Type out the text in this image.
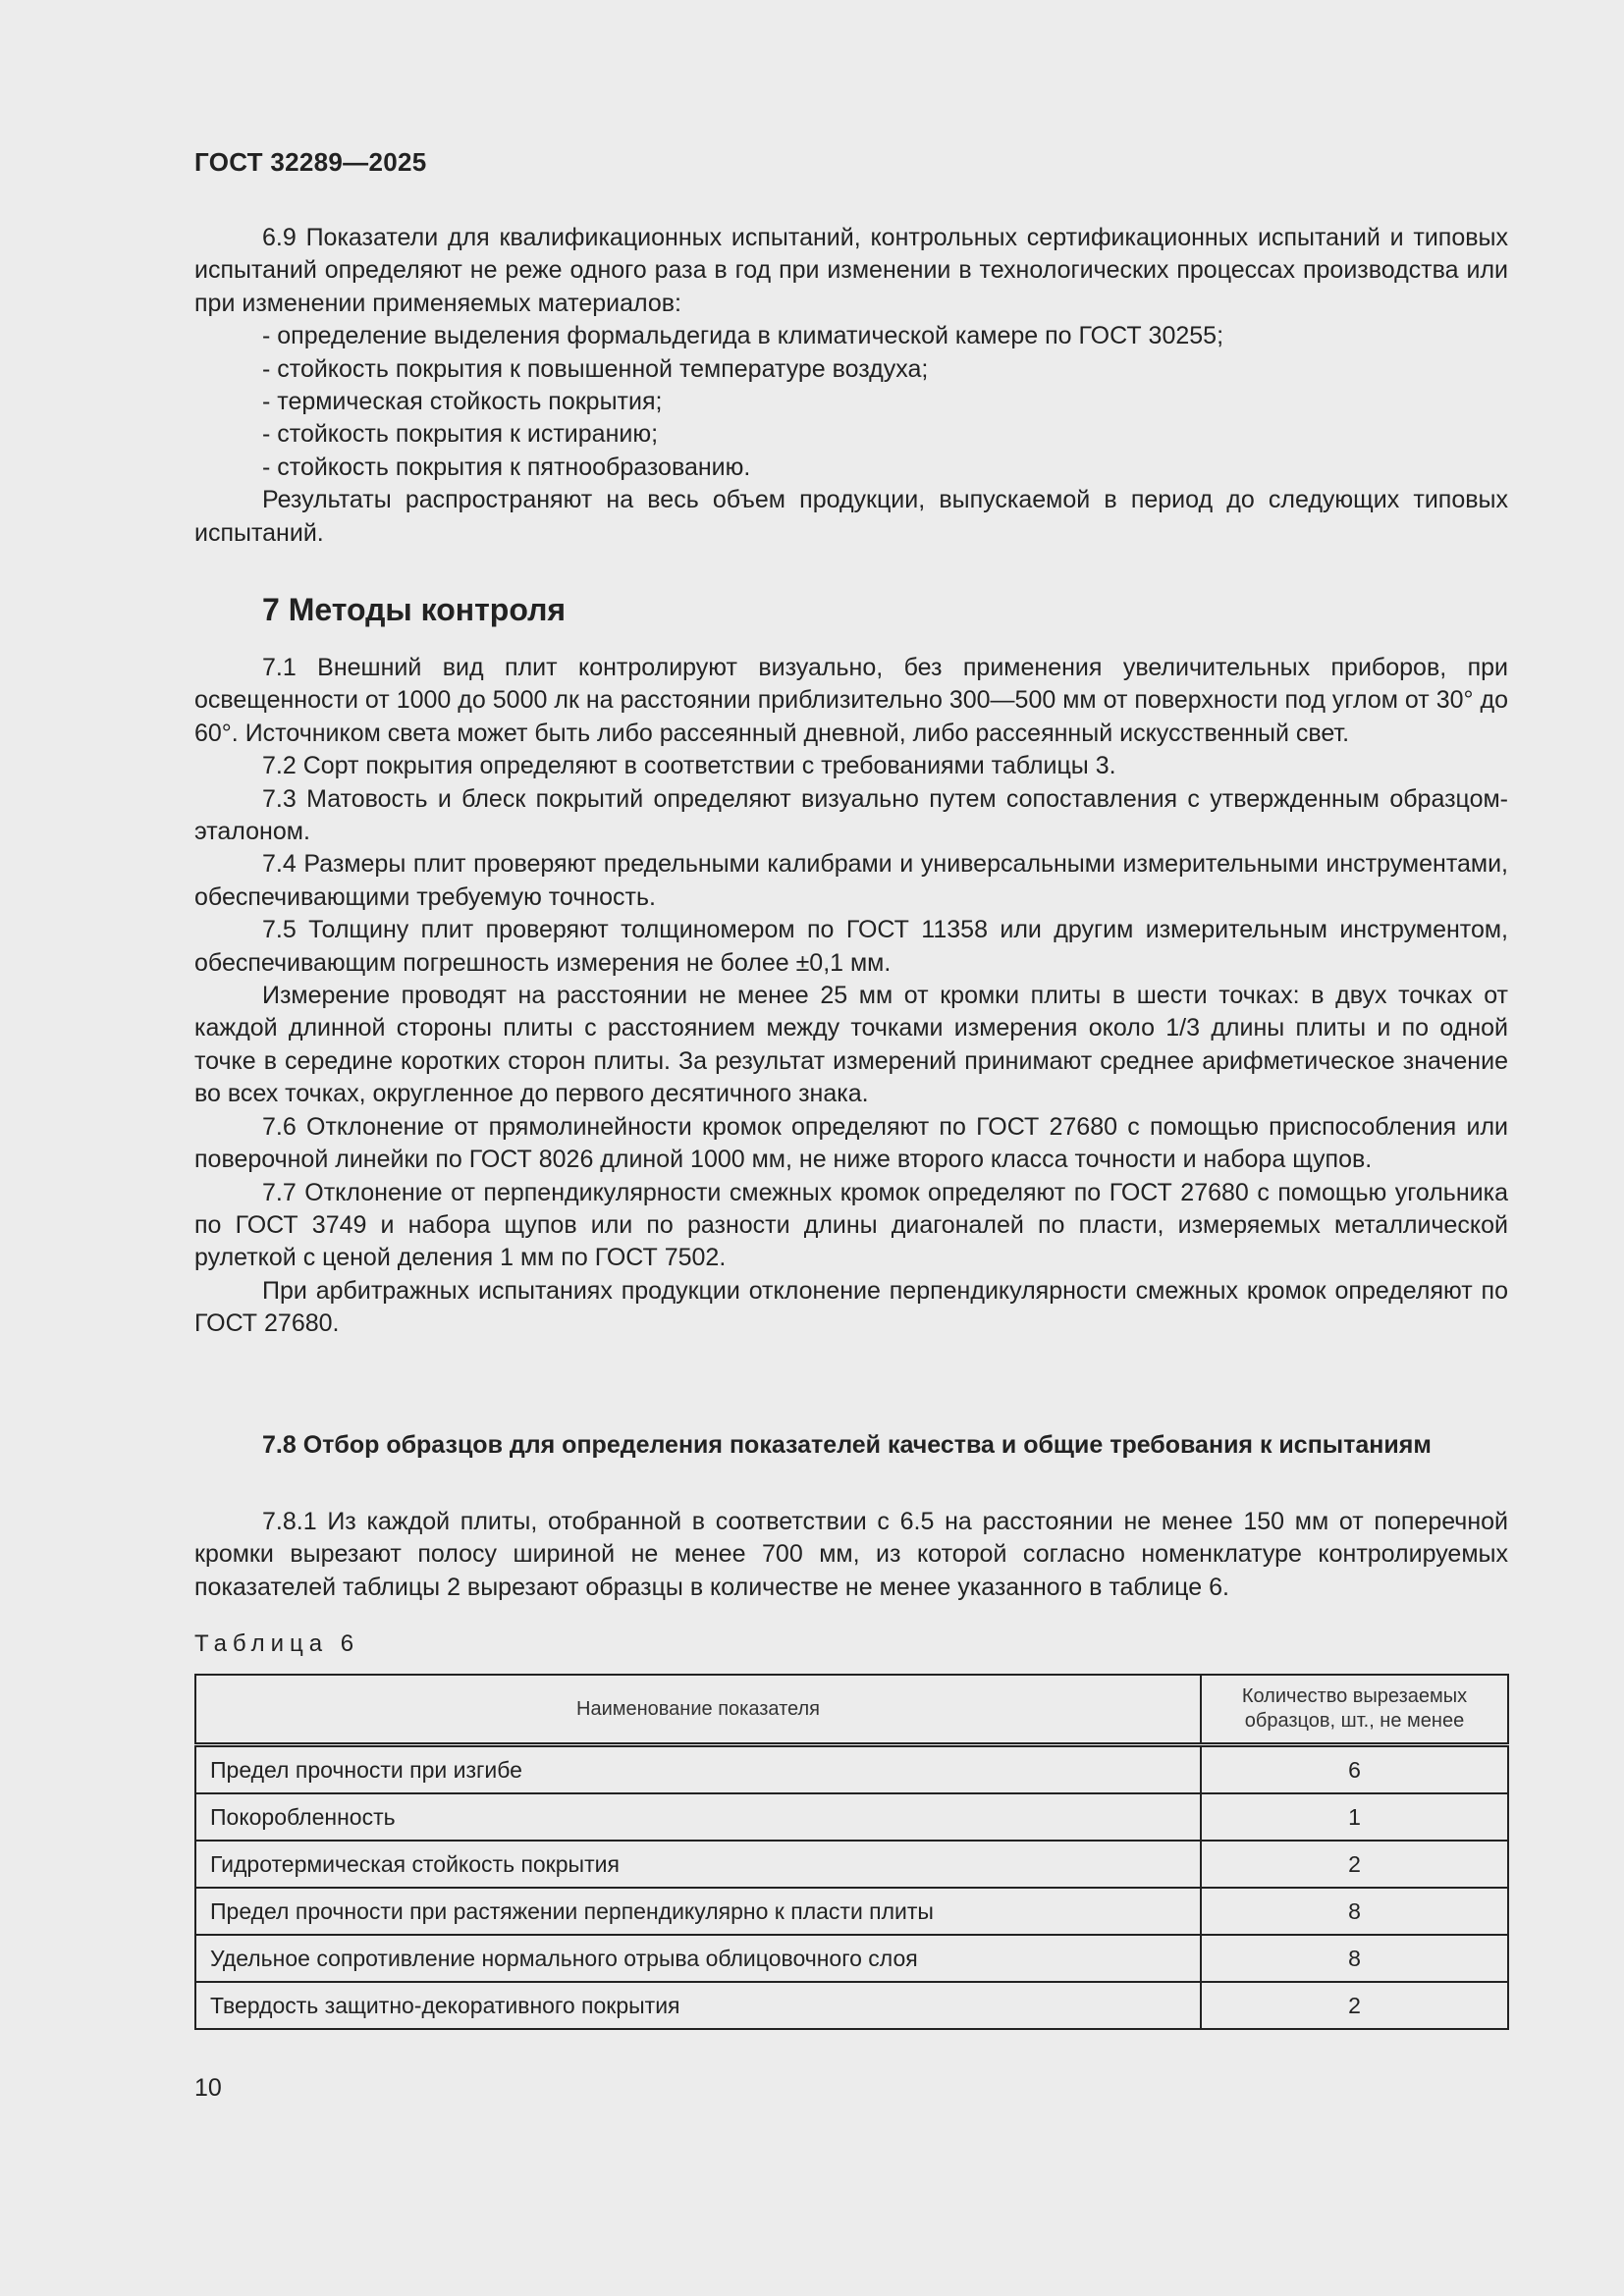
ГОСТ 32289—2025

6.9 Показатели для квалификационных испытаний, контрольных сертификационных испытаний и типовых испытаний определяют не реже одного раза в год при изменении в технологических процессах производства или при изменении применяемых материалов:

- определение выделения формальдегида в климатической камере по ГОСТ 30255;

- стойкость покрытия к повышенной температуре воздуха;

- термическая стойкость покрытия;

- стойкость покрытия к истиранию;

- стойкость покрытия к пятнообразованию.

Результаты распространяют на весь объем продукции, выпускаемой в период до следующих типовых испытаний.

7 Методы контроля

7.1 Внешний вид плит контролируют визуально, без применения увеличительных приборов, при освещенности от 1000 до 5000 лк на расстоянии приблизительно 300—500 мм от поверхности под углом от 30° до 60°. Источником света может быть либо рассеянный дневной, либо рассеянный искусственный свет.

7.2 Сорт покрытия определяют в соответствии с требованиями таблицы 3.

7.3 Матовость и блеск покрытий определяют визуально путем сопоставления с утвержденным образцом-эталоном.

7.4 Размеры плит проверяют предельными калибрами и универсальными измерительными инструментами, обеспечивающими требуемую точность.

7.5 Толщину плит проверяют толщиномером по ГОСТ 11358 или другим измерительным инструментом, обеспечивающим погрешность измерения не более ±0,1 мм.

Измерение проводят на расстоянии не менее 25 мм от кромки плиты в шести точках: в двух точках от каждой длинной стороны плиты с расстоянием между точками измерения около 1/3 длины плиты и по одной точке в середине коротких сторон плиты. За результат измерений принимают среднее арифметическое значение во всех точках, округленное до первого десятичного знака.

7.6 Отклонение от прямолинейности кромок определяют по ГОСТ 27680 с помощью приспособления или поверочной линейки по ГОСТ 8026 длиной 1000 мм, не ниже второго класса точности и набора щупов.

7.7 Отклонение от перпендикулярности смежных кромок определяют по ГОСТ 27680 с помощью угольника по ГОСТ 3749 и набора щупов или по разности длины диагоналей по пласти, измеряемых металлической рулеткой с ценой деления 1 мм по ГОСТ 7502.

При арбитражных испытаниях продукции отклонение перпендикулярности смежных кромок определяют по ГОСТ 27680.

7.8 Отбор образцов для определения показателей качества и общие требования к испытаниям

7.8.1 Из каждой плиты, отобранной в соответствии с 6.5 на расстоянии не менее 150 мм от поперечной кромки вырезают полосу шириной не менее 700 мм, из которой согласно номенклатуре контролируемых показателей таблицы 2 вырезают образцы в количестве не менее указанного в таблице 6.

Таблица 6
Наименование показателя	Количество вырезаемых образцов, шт., не менее
Предел прочности при изгибе	6
Покоробленность	1
Гидротермическая стойкость покрытия	2
Предел прочности при растяжении перпендикулярно к пласти плиты	8
Удельное сопротивление нормального отрыва облицовочного слоя	8
Твердость защитно-декоративного покрытия	2
10
